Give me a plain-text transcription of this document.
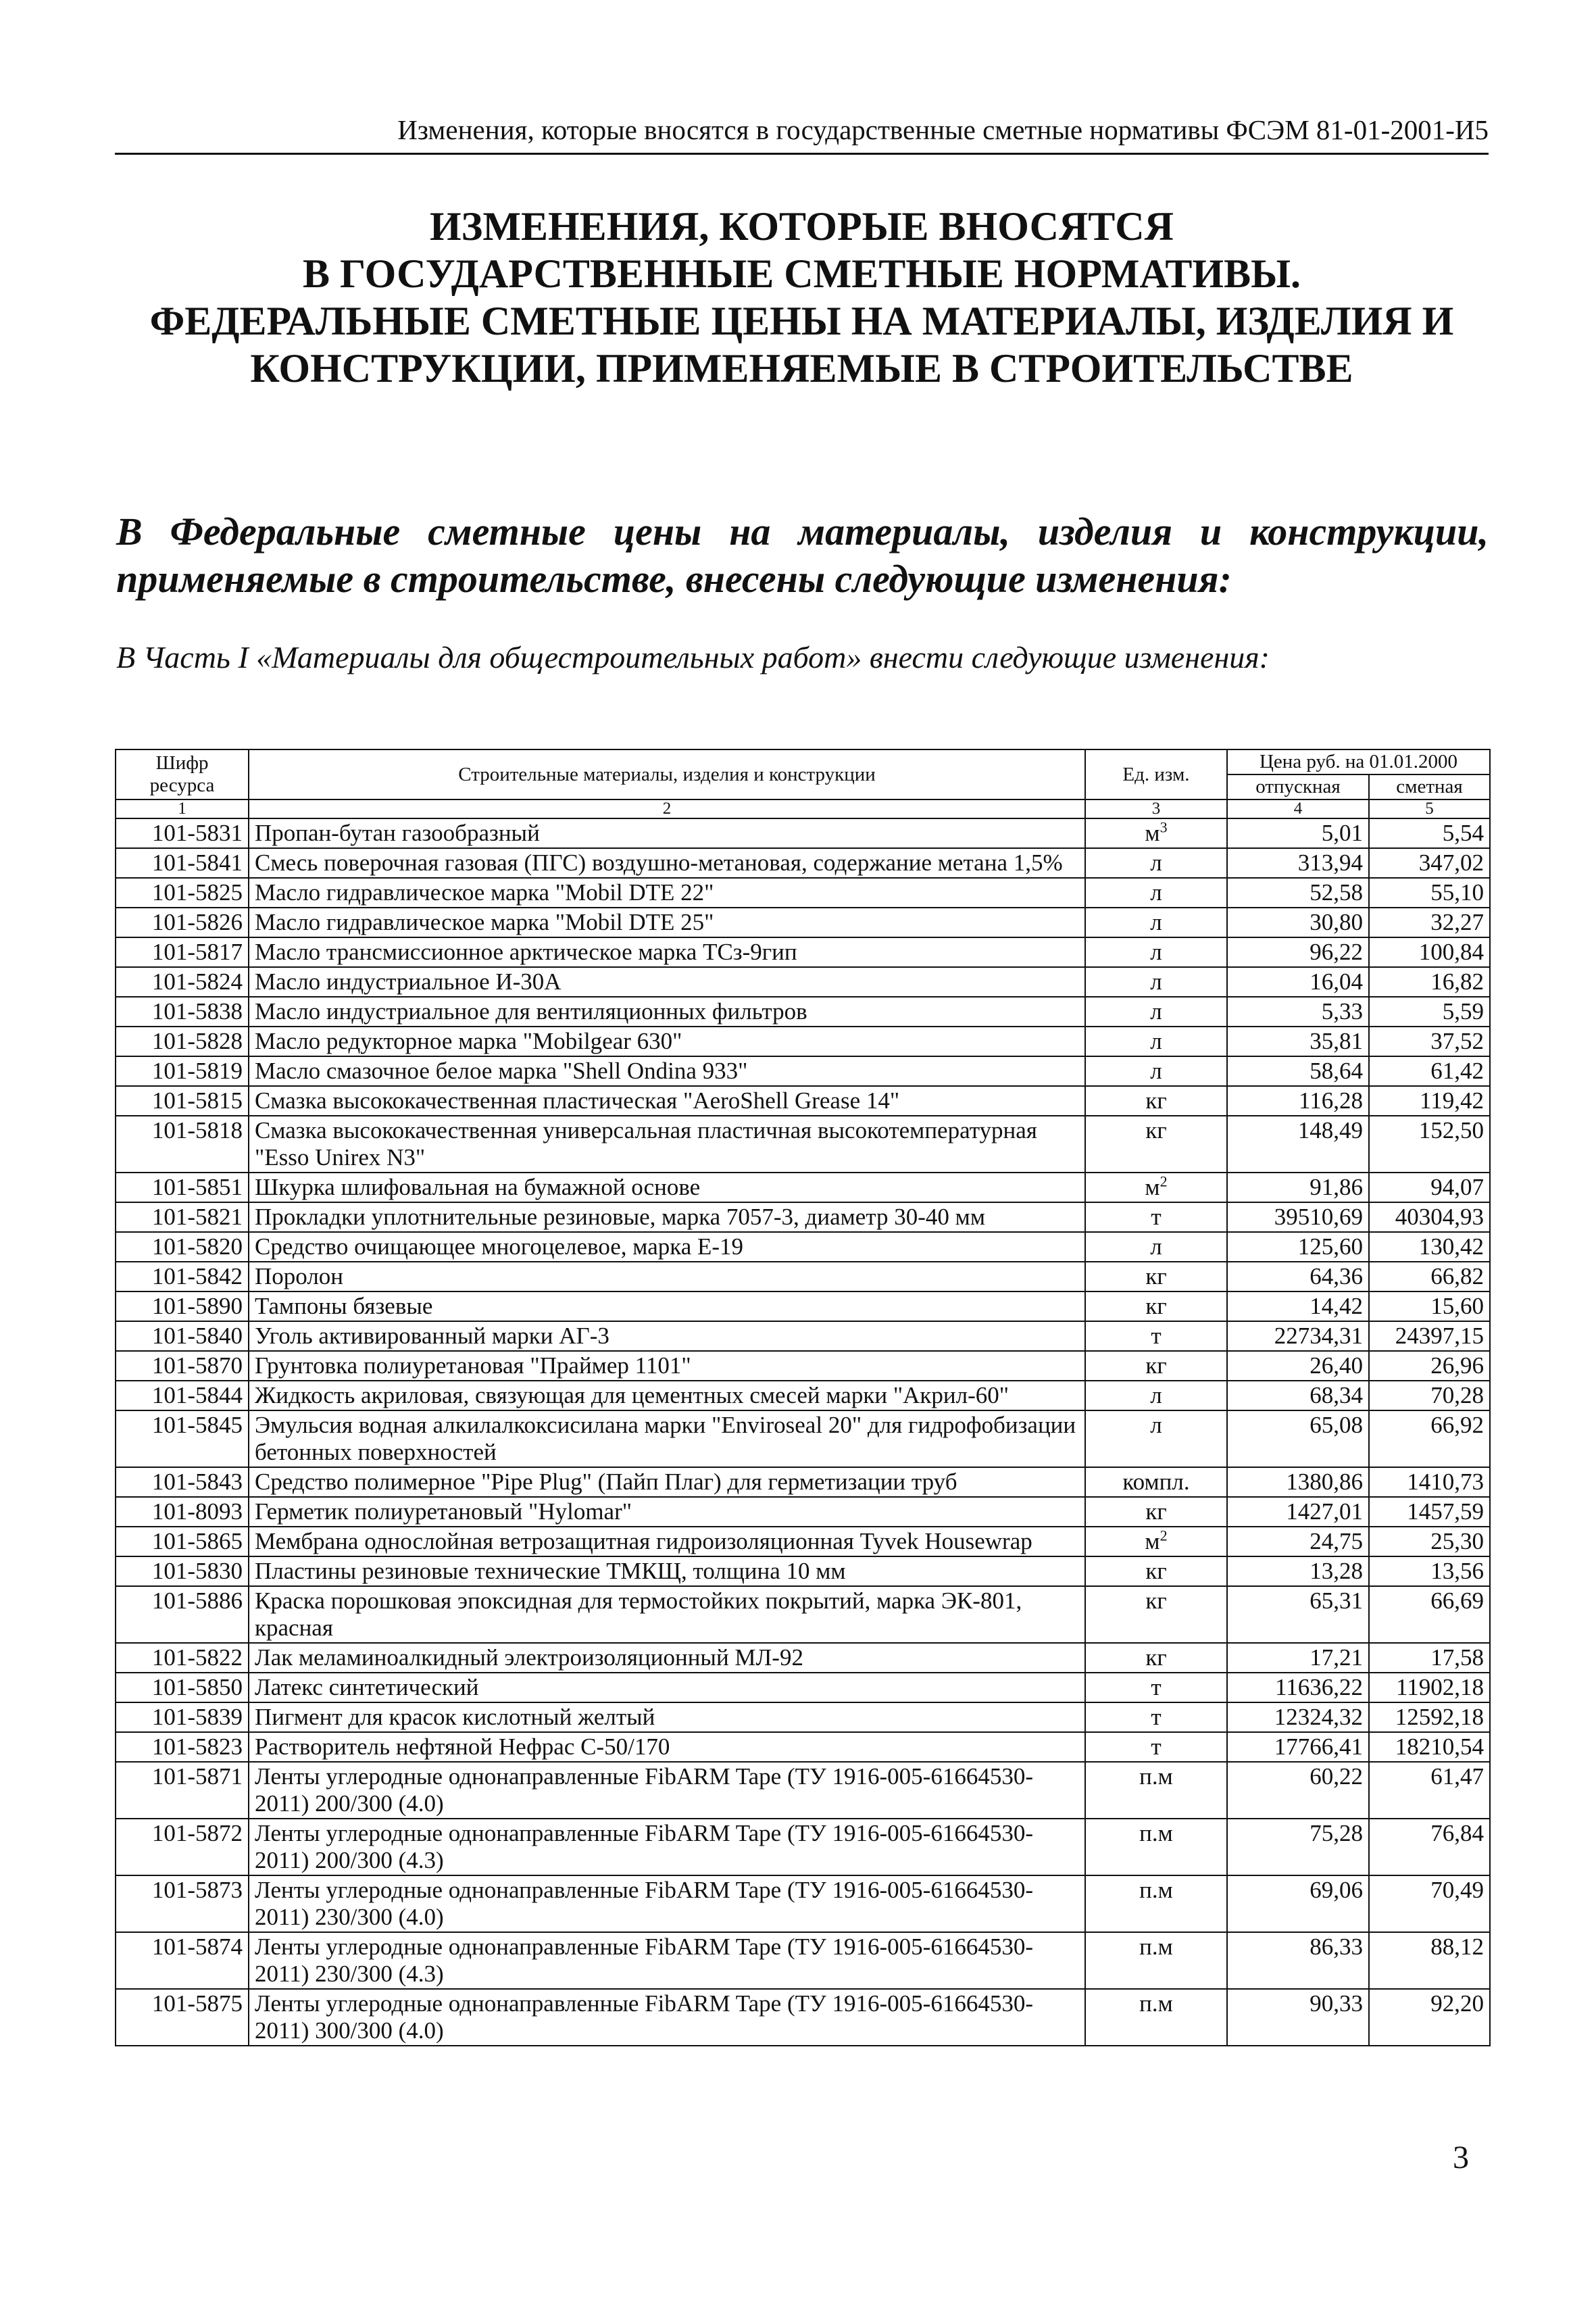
Изменения, которые вносятся в государственные сметные нормативы ФСЭМ 81-01-2001-И5
ИЗМЕНЕНИЯ, КОТОРЫЕ ВНОСЯТСЯ
В ГОСУДАРСТВЕННЫЕ СМЕТНЫЕ НОРМАТИВЫ.
ФЕДЕРАЛЬНЫЕ СМЕТНЫЕ ЦЕНЫ НА МАТЕРИАЛЫ, ИЗДЕЛИЯ И
КОНСТРУКЦИИ, ПРИМЕНЯЕМЫЕ В СТРОИТЕЛЬСТВЕ
В Федеральные сметные цены на материалы, изделия и конструкции, применяемые в строительстве, внесены следующие изменения:
В Часть I «Материалы для общестроительных работ» внести следующие изменения:
Шифр ресурса	Строительные материалы, изделия и конструкции	Ед. изм.	Цена руб. на 01.01.2000	
			отпускная	сметная
1	2	3	4	5
101-5831	Пропан-бутан газообразный	$м^3$	5,01	5,54
101-5841	Смесь поверочная газовая (ПГС) воздушно-метановая, содержание метана 1,5%	л	313,94	347,02
101-5825	Масло гидравлическое марка "Mobil DTE 22"	л	52,58	55,10
101-5826	Масло гидравлическое марка "Mobil DTE 25"	л	30,80	32,27
101-5817	Масло трансмиссионное арктическое марка ТСз-9гип	л	96,22	100,84
101-5824	Масло индустриальное И-30А	л	16,04	16,82
101-5838	Масло индустриальное для вентиляционных фильтров	л	5,33	5,59
101-5828	Масло редукторное марка "Mobilgear 630"	л	35,81	37,52
101-5819	Масло смазочное белое марка "Shell Ondina 933"	л	58,64	61,42
101-5815	Смазка высококачественная пластическая "AeroShell Grease 14"	кг	116,28	119,42
101-5818	Смазка высококачественная универсальная пластичная высокотемпературная "Esso Unirex N3"	кг	148,49	152,50
101-5851	Шкурка шлифовальная на бумажной основе	$м^2$	91,86	94,07
101-5821	Прокладки уплотнительные резиновые, марка 7057-3, диаметр 30-40 мм	т	39510,69	40304,93
101-5820	Средство очищающее многоцелевое, марка Е-19	л	125,60	130,42
101-5842	Поролон	кг	64,36	66,82
101-5890	Тампоны бязевые	кг	14,42	15,60
101-5840	Уголь активированный марки АГ-3	т	22734,31	24397,15
101-5870	Грунтовка полиуретановая "Праймер 1101"	кг	26,40	26,96
101-5844	Жидкость акриловая, связующая для цементных смесей марки "Акрил-60"	л	68,34	70,28
101-5845	Эмульсия водная алкилалкоксисилана марки "Enviroseal 20" для гидрофобизации бетонных поверхностей	л	65,08	66,92
101-5843	Средство полимерное "Pipe Plug" (Пайп Плаг) для герметизации труб	компл.	1380,86	1410,73
101-8093	Герметик полиуретановый "Hylomar"	кг	1427,01	1457,59
101-5865	Мембрана однослойная ветрозащитная гидроизоляционная Tyvek Housewrap	$м^2$	24,75	25,30
101-5830	Пластины резиновые технические ТМКЩ, толщина 10 мм	кг	13,28	13,56
101-5886	Краска порошковая эпоксидная для термостойких покрытий, марка ЭК-801, красная	кг	65,31	66,69
101-5822	Лак меламиноалкидный электроизоляционный МЛ-92	кг	17,21	17,58
101-5850	Латекс синтетический	т	11636,22	11902,18
101-5839	Пигмент для красок кислотный желтый	т	12324,32	12592,18
101-5823	Растворитель нефтяной Нефрас С-50/170	т	17766,41	18210,54
101-5871	Ленты углеродные однонаправленные FibARM Tape (ТУ 1916-005-61664530-2011) 200/300 (4.0)	п.м	60,22	61,47
101-5872	Ленты углеродные однонаправленные FibARM Tape (ТУ 1916-005-61664530-2011) 200/300 (4.3)	п.м	75,28	76,84
101-5873	Ленты углеродные однонаправленные FibARM Tape (ТУ 1916-005-61664530-2011) 230/300 (4.0)	п.м	69,06	70,49
101-5874	Ленты углеродные однонаправленные FibARM Tape (ТУ 1916-005-61664530-2011) 230/300 (4.3)	п.м	86,33	88,12
101-5875	Ленты углеродные однонаправленные FibARM Tape (ТУ 1916-005-61664530-2011) 300/300 (4.0)	п.м	90,33	92,20
3
